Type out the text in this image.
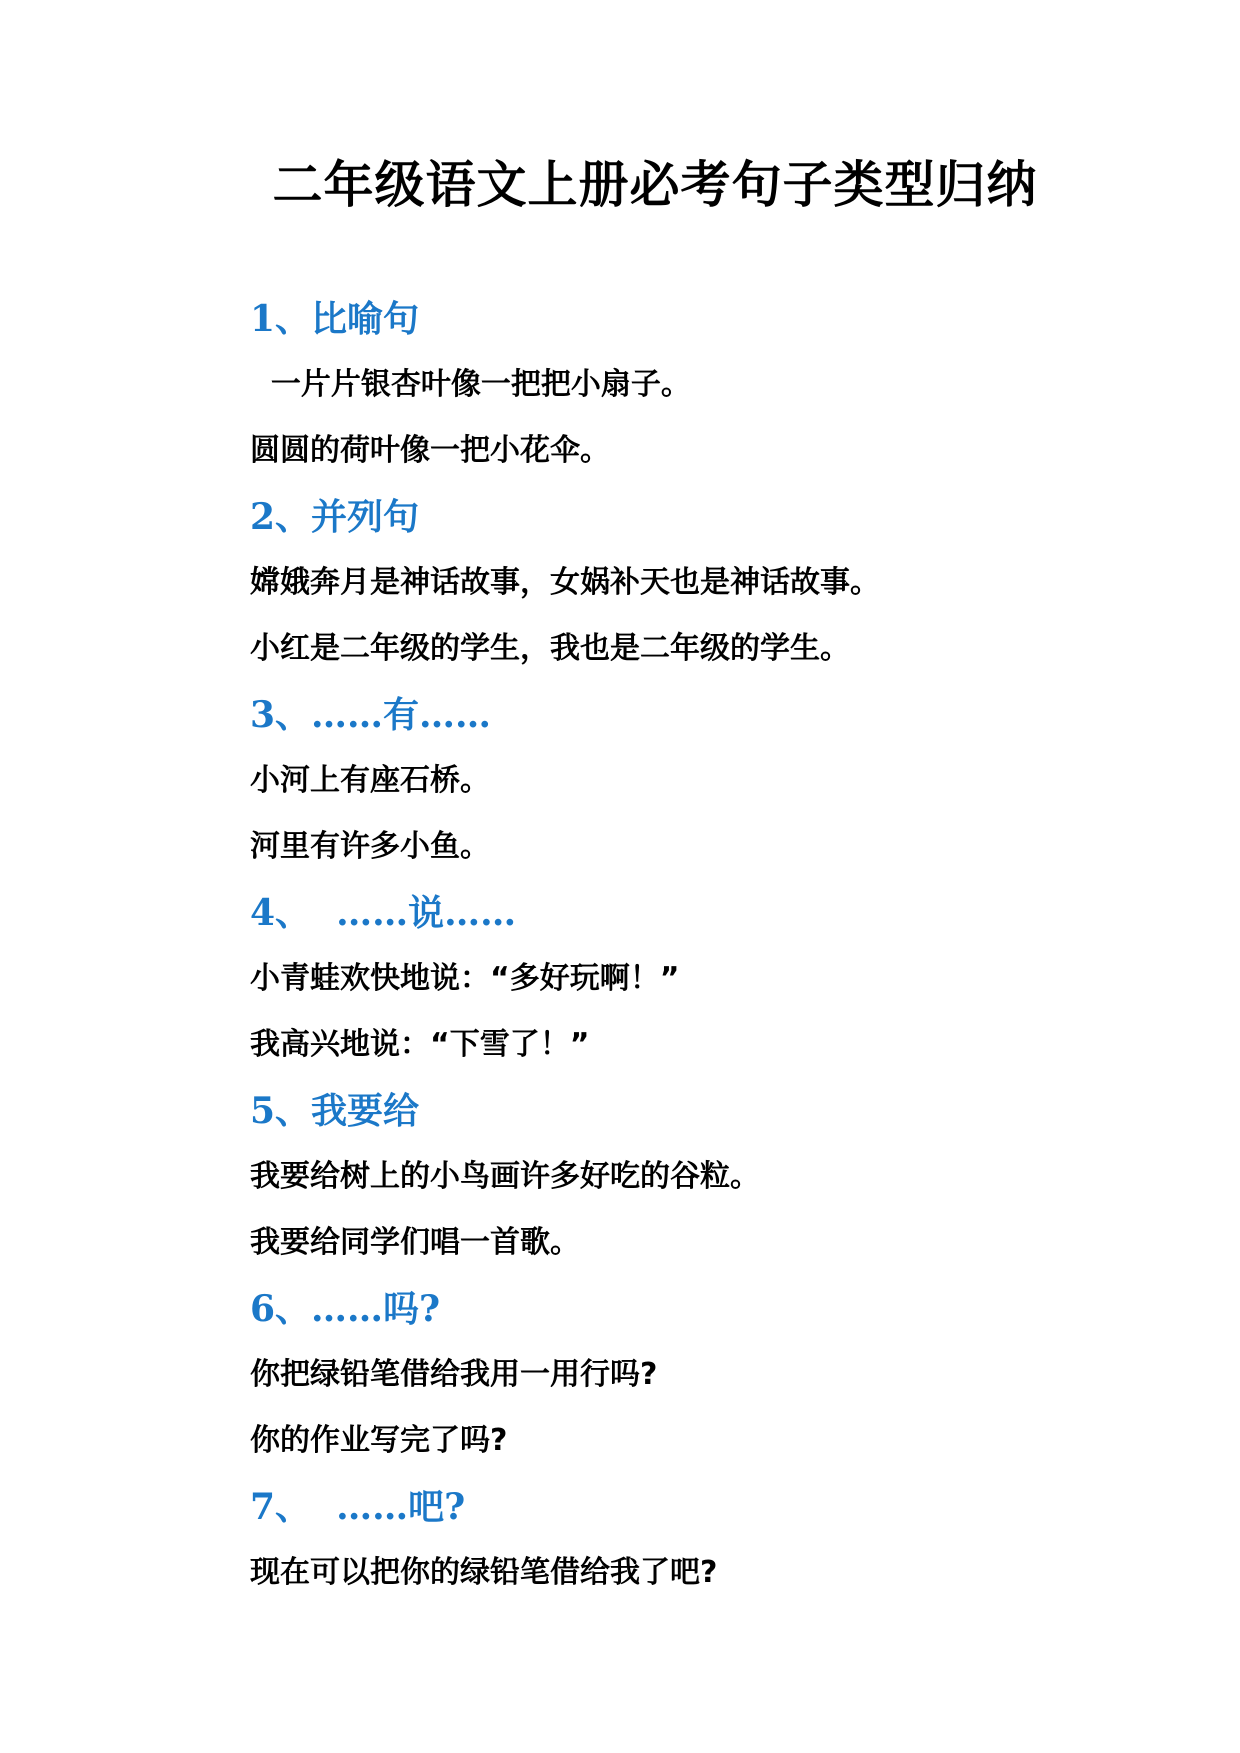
二年级语文上册必考句子类型归纳
1、比喻句
一片片银杏叶像一把把小扇子。
圆圆的荷叶像一把小花伞。
2、并列句
嫦娥奔月是神话故事，女娲补天也是神话故事。
小红是二年级的学生，我也是二年级的学生。
3、……有……
小河上有座石桥。
河里有许多小鱼。
4、  ……说……
小青蛙欢快地说：“多好玩啊！”
我高兴地说：“下雪了！”
5、我要给
我要给树上的小鸟画许多好吃的谷粒。
我要给同学们唱一首歌。
6、……吗?
你把绿铅笔借给我用一用行吗?
你的作业写完了吗?
7、  ……吧?
现在可以把你的绿铅笔借给我了吧?
